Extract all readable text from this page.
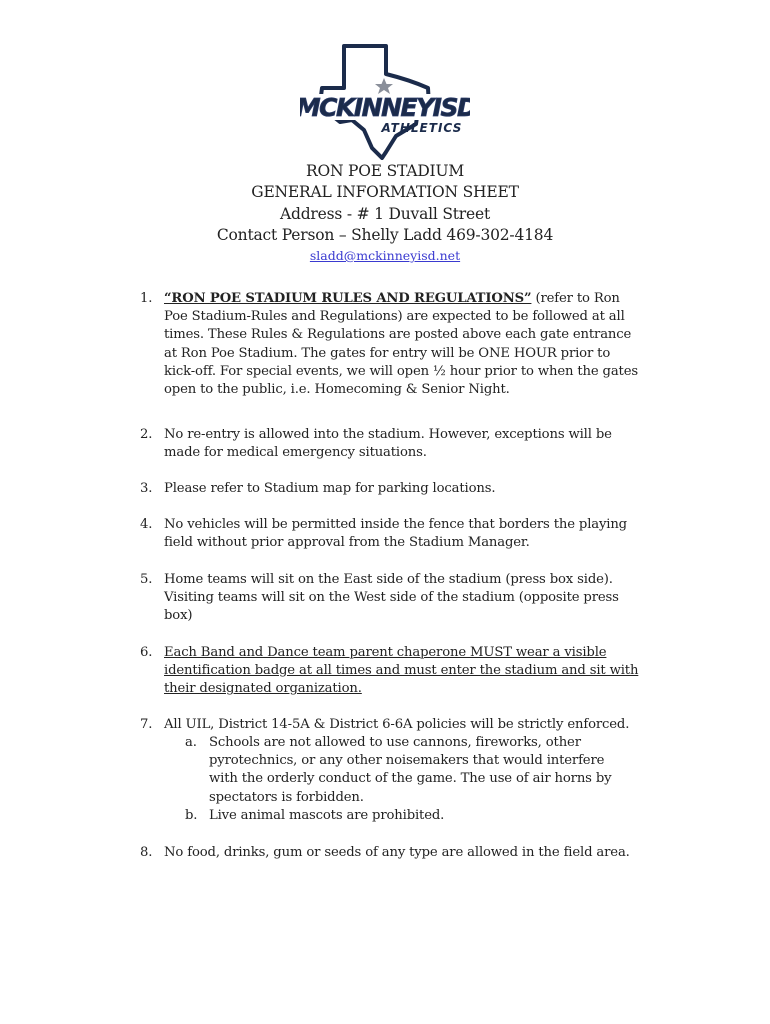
MCKINNEYISD
ATHLETICS
RON POE STADIUM
GENERAL INFORMATION SHEET
Address - # 1 Duvall Street
Contact Person – Shelly Ladd 469-302-4184
sladd@mckinneyisd.net
1. “RON POE STADIUM RULES AND REGULATIONS” (refer to Ron Poe Stadium-Rules and Regulations) are expected to be followed at all times. These Rules & Regulations are posted above each gate entrance at Ron Poe Stadium. The gates for entry will be ONE HOUR prior to kick-off. For special events, we will open ½ hour prior to when the gates open to the public, i.e. Homecoming & Senior Night.
2. No re-entry is allowed into the stadium. However, exceptions will be made for medical emergency situations.
3. Please refer to Stadium map for parking locations.
4. No vehicles will be permitted inside the fence that borders the playing field without prior approval from the Stadium Manager.
5. Home teams will sit on the East side of the stadium (press box side). Visiting teams will sit on the West side of the stadium (opposite press box)
6. Each Band and Dance team parent chaperone MUST wear a visible identification badge at all times and must enter the stadium and sit with their designated organization.
7. All UIL, District 14-5A & District 6-6A policies will be strictly enforced.
a. Schools are not allowed to use cannons, fireworks, other pyrotechnics, or any other noisemakers that would interfere with the orderly conduct of the game. The use of air horns by spectators is forbidden.
b. Live animal mascots are prohibited.
8. No food, drinks, gum or seeds of any type are allowed in the field area.
